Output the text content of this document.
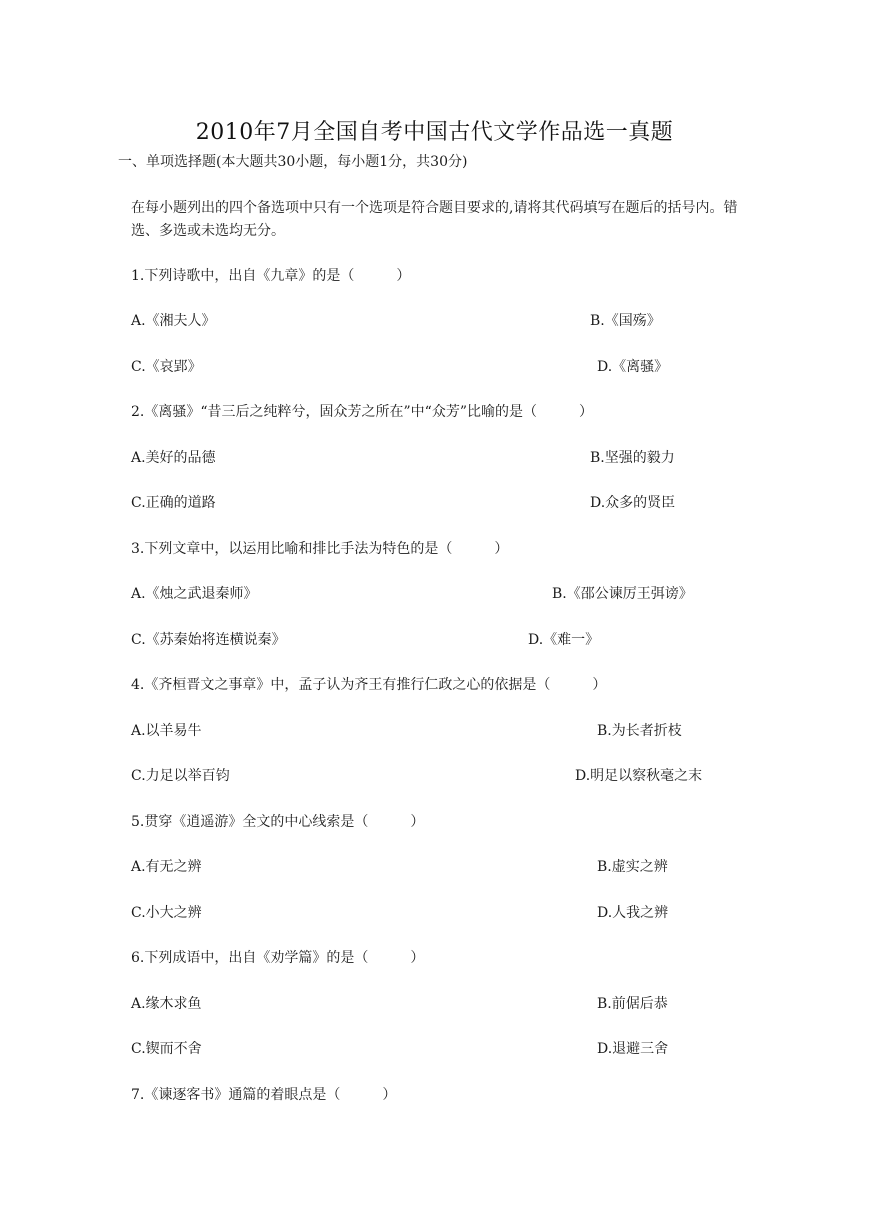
2010年7月全国自考中国古代文学作品选一真题
一、单项选择题(本大题共30小题，每小题1分，共30分)
在每小题列出的四个备选项中只有一个选项是符合题目要求的,请将其代码填写在题后的括号内。错选、多选或未选均无分。
1.下列诗歌中，出自《九章》的是（　　　）
A.《湘夫人》	B.《国殇》
C.《哀郢》	D.《离骚》
2.《离骚》“昔三后之纯粹兮，固众芳之所在”中“众芳”比喻的是（　　　）
A.美好的品德	B.坚强的毅力
C.正确的道路	D.众多的贤臣
3.下列文章中，以运用比喻和排比手法为特色的是（　　　）
A.《烛之武退秦师》	B.《邵公谏厉王弭谤》
C.《苏秦始将连横说秦》	D.《难一》
4.《齐桓晋文之事章》中，孟子认为齐王有推行仁政之心的依据是（　　　）
A.以羊易牛	B.为长者折枝
C.力足以举百钧	D.明足以察秋毫之末
5.贯穿《逍遥游》全文的中心线索是（　　　）
A.有无之辨	B.虚实之辨
C.小大之辨	D.人我之辨
6.下列成语中，出自《劝学篇》的是（　　　）
A.缘木求鱼	B.前倨后恭
C.锲而不舍	D.退避三舍
7.《谏逐客书》通篇的着眼点是（　　　）
